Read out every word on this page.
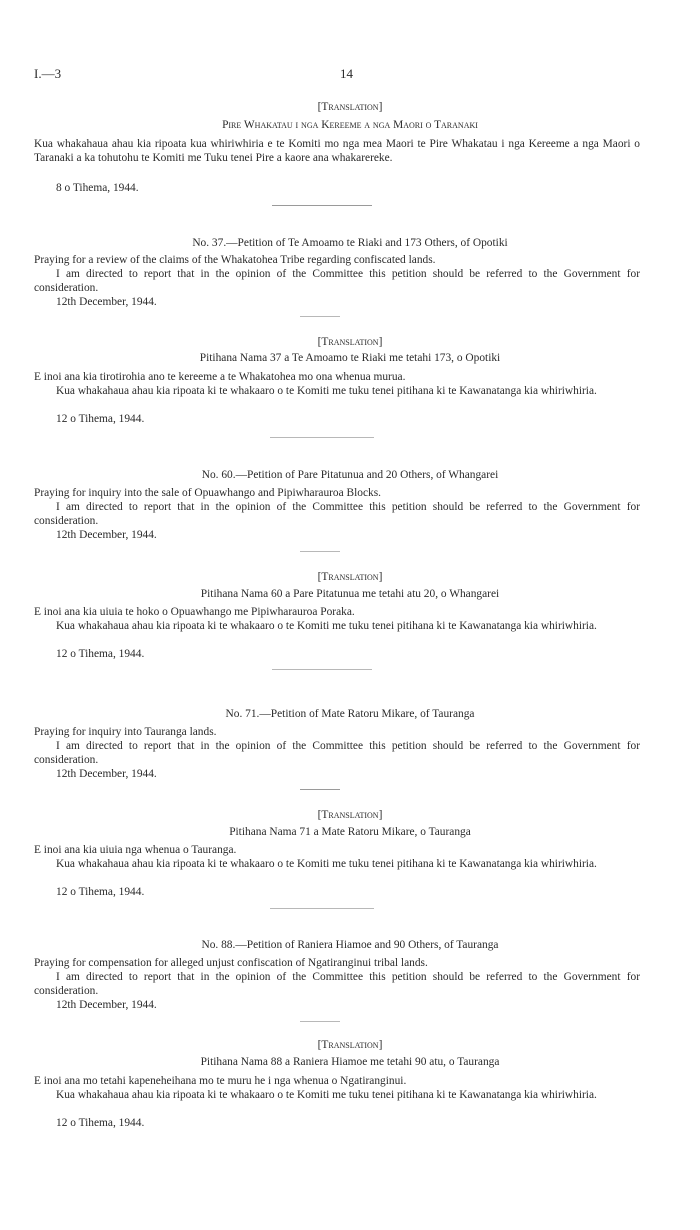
I.—3	14
[Translation]
Pire Whakatau i nga Kereeme a nga Maori o Taranaki
Kua whakahaua ahau kia ripoata kua whiriwhiria e te Komiti mo nga mea Maori te Pire Whakatau i nga Kereeme a nga Maori o Taranaki a ka tohutohu te Komiti me Tuku tenei Pire a kaore ana whakarereke.
8 o Tihema, 1944.
No. 37.—Petition of Te Amoamo te Riaki and 173 Others, of Opotiki
Praying for a review of the claims of the Whakatohea Tribe regarding confiscated lands.
I am directed to report that in the opinion of the Committee this petition should be referred to the Government for consideration.
12th December, 1944.
[Translation]
Pitihana Nama 37 a Te Amoamo te Riaki me tetahi 173, o Opotiki
E inoi ana kia tirotirohia ano te kereeme a te Whakatohea mo ona whenua murua.
Kua whakahaua ahau kia ripoata ki te whakaaro o te Komiti me tuku tenei pitihana ki te Kawanatanga kia whiriwhiria.
12 o Tihema, 1944.
No. 60.—Petition of Pare Pitatunua and 20 Others, of Whangarei
Praying for inquiry into the sale of Opuawhango and Pipiwharauroa Blocks.
I am directed to report that in the opinion of the Committee this petition should be referred to the Government for consideration.
12th December, 1944.
[Translation]
Pitihana Nama 60 a Pare Pitatunua me tetahi atu 20, o Whangarei
E inoi ana kia uiuia te hoko o Opuawhango me Pipiwharauroa Poraka.
Kua whakahaua ahau kia ripoata ki te whakaaro o te Komiti me tuku tenei pitihana ki te Kawanatanga kia whiriwhiria.
12 o Tihema, 1944.
No. 71.—Petition of Mate Ratoru Mikare, of Tauranga
Praying for inquiry into Tauranga lands.
I am directed to report that in the opinion of the Committee this petition should be referred to the Government for consideration.
12th December, 1944.
[Translation]
Pitihana Nama 71 a Mate Ratoru Mikare, o Tauranga
E inoi ana kia uiuia nga whenua o Tauranga.
Kua whakahaua ahau kia ripoata ki te whakaaro o te Komiti me tuku tenei pitihana ki te Kawanatanga kia whiriwhiria.
12 o Tihema, 1944.
No. 88.—Petition of Raniera Hiamoe and 90 Others, of Tauranga
Praying for compensation for alleged unjust confiscation of Ngatiranginui tribal lands.
I am directed to report that in the opinion of the Committee this petition should be referred to the Government for consideration.
12th December, 1944.
[Translation]
Pitihana Nama 88 a Raniera Hiamoe me tetahi 90 atu, o Tauranga
E inoi ana mo tetahi kapeneheihana mo te muru he i nga whenua o Ngatiranginui.
Kua whakahaua ahau kia ripoata ki te whakaaro o te Komiti me tuku tenei pitihana ki te Kawanatanga kia whiriwhiria.
12 o Tihema, 1944.
